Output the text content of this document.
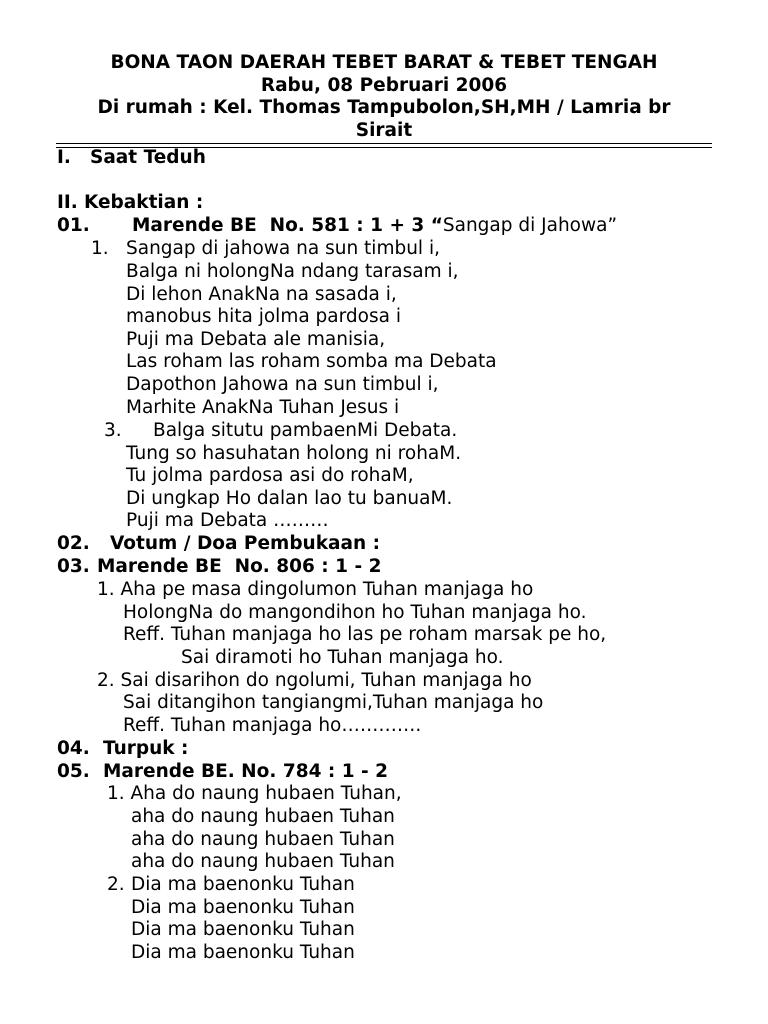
BONA TAON DAERAH TEBET BARAT & TEBET TENGAH
Rabu, 08 Pebruari 2006
Di rumah : Kel. Thomas Tampubolon,SH,MH / Lamria br
Sirait
I. Saat Teduh
II. Kebaktian :
01. Marende BE  No. 581 : 1 + 3 “Sangap di Jahowa”
1. Sangap di jahowa na sun timbul i,
Balga ni holongNa ndang tarasam i,
Di lehon AnakNa na sasada i,
manobus hita jolma pardosa i
Puji ma Debata ale manisia,
Las roham las roham somba ma Debata
Dapothon Jahowa na sun timbul i,
Marhite AnakNa Tuhan Jesus i
3. Balga situtu pambaenMi Debata.
Tung so hasuhatan holong ni rohaM.
Tu jolma pardosa asi do rohaM,
Di ungkap Ho dalan lao tu banuaM.
Puji ma Debata ………
02. Votum / Doa Pembukaan :
03. Marende BE  No. 806 : 1 - 2
1. Aha pe masa dingolumon Tuhan manjaga ho
HolongNa do mangondihon ho Tuhan manjaga ho.
Reff. Tuhan manjaga ho las pe roham marsak pe ho,
Sai diramoti ho Tuhan manjaga ho.
2. Sai disarihon do ngolumi, Tuhan manjaga ho
Sai ditangihon tangiangmi,Tuhan manjaga ho
Reff. Tuhan manjaga ho………….
04. Turpuk :
05. Marende BE. No. 784 : 1 - 2
1. Aha do naung hubaen Tuhan,
aha do naung hubaen Tuhan
aha do naung hubaen Tuhan
aha do naung hubaen Tuhan
2. Dia ma baenonku Tuhan
Dia ma baenonku Tuhan
Dia ma baenonku Tuhan
Dia ma baenonku Tuhan
